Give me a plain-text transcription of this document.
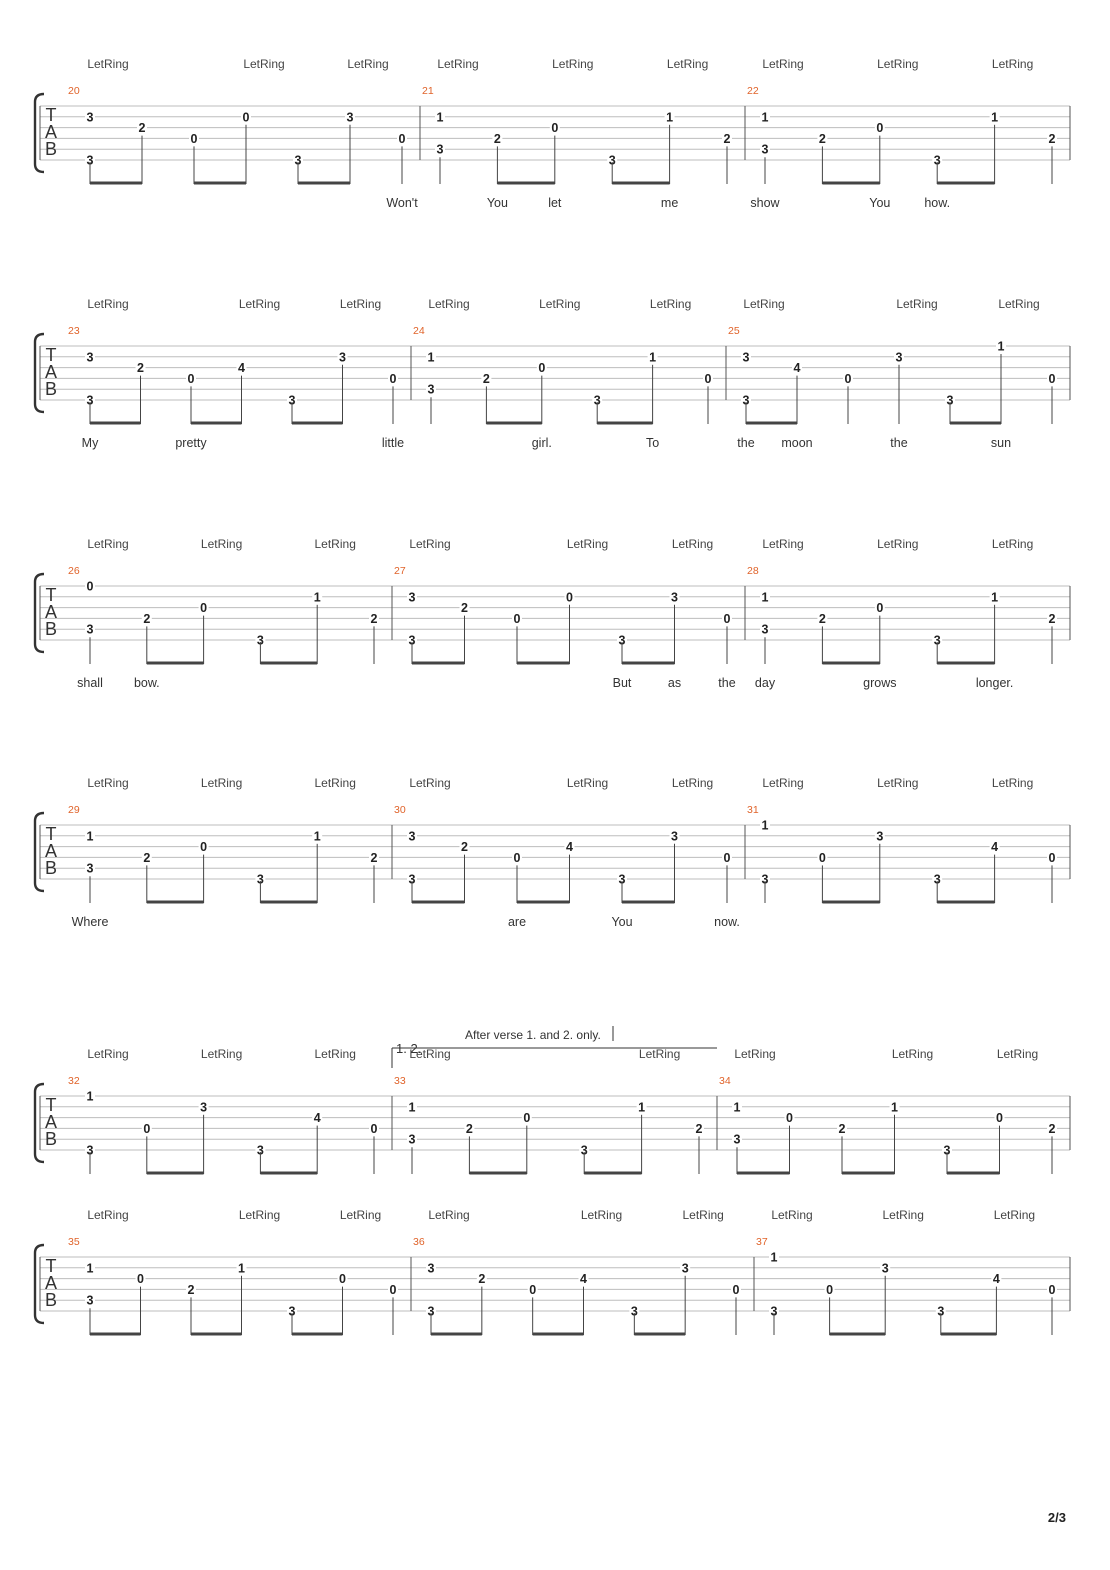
T
A
B
20
3
3
LetRing
2
0
0
LetRing
3
3
LetRing
0
Won't
21
1
3
LetRing
2
You
0
LetRing
let
3
1
LetRing
me
2
22
1
3
LetRing
show
2
0
LetRing
You
3
how.
1
LetRing
2
T
A
B
23
3
3
LetRing
My
2
0
pretty
4
LetRing
3
3
LetRing
0
little
24
1
3
LetRing
2
0
LetRing
girl.
3
1
LetRing
To
0
25
3
3
LetRing
the
4
moon
0
3
LetRing
the
3
1
LetRing
sun
0
T
A
B
26
0
3
LetRing
shall
2
bow.
0
LetRing
3
1
LetRing
2
27
3
3
LetRing
2
0
0
LetRing
3
But
3
LetRing
as
0
the
28
1
3
LetRing
day
2
0
LetRing
grows
3
1
LetRing
longer.
2
T
A
B
29
1
3
LetRing
Where
2
0
LetRing
3
1
LetRing
2
30
3
3
LetRing
2
0
are
4
LetRing
3
You
3
LetRing
0
now.
31
1
3
LetRing
0
3
LetRing
3
4
LetRing
0
T
A
B
32
1
3
LetRing
0
3
LetRing
3
4
LetRing
0
33
1
3
LetRing
2
0
3
1
LetRing
2
34
1
3
LetRing
0
2
1
LetRing
3
0
LetRing
2
1. 2.
After verse 1. and 2. only.
T
A
B
35
1
3
LetRing
0
2
1
LetRing
3
0
LetRing
0
36
3
3
LetRing
2
0
4
LetRing
3
3
LetRing
0
37
1
3
LetRing
0
3
LetRing
3
4
LetRing
0
2/3
